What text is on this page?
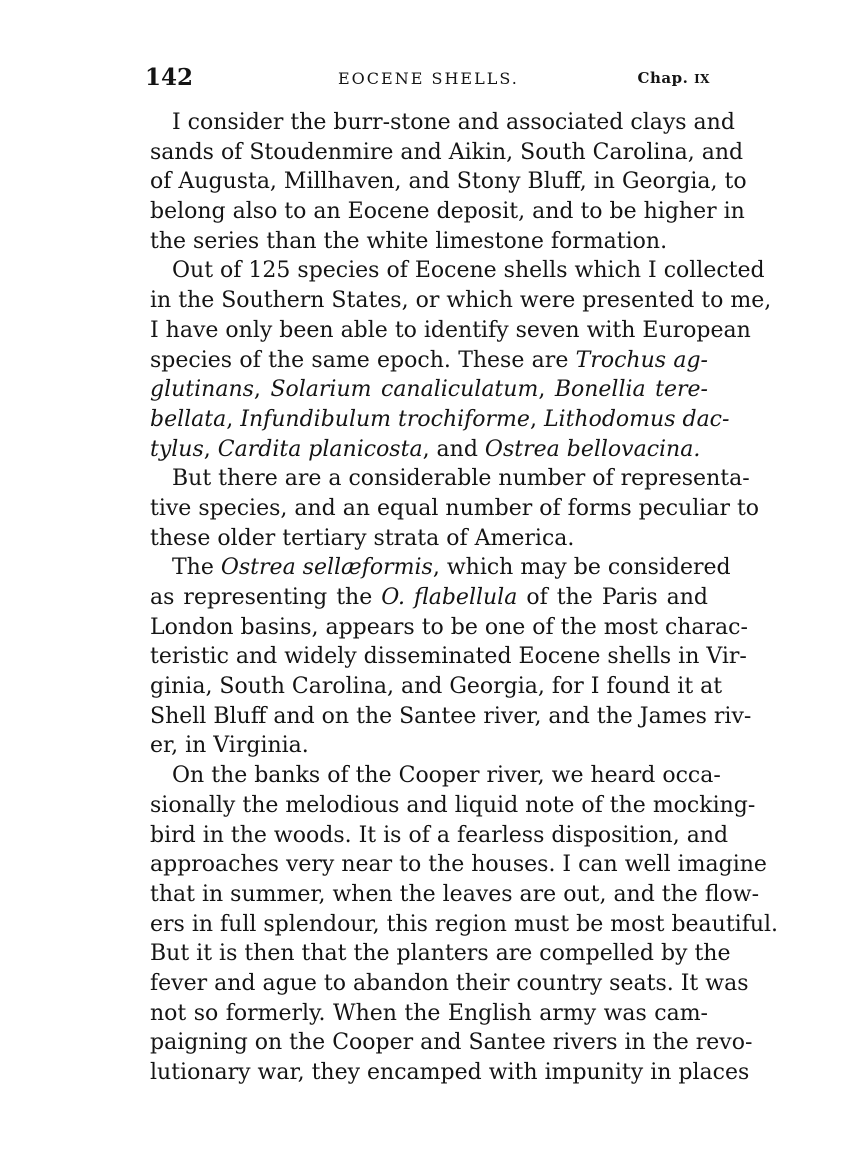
142	EOCENE SHELLS.	Chap. IX
I consider the burr-stone and associated clays and
sands of Stoudenmire and Aikin, South Carolina, and
of Augusta, Millhaven, and Stony Bluff, in Georgia, to
belong also to an Eocene deposit, and to be higher in
the series than the white limestone formation.
Out of 125 species of Eocene shells which I collected
in the Southern States, or which were presented to me,
I have only been able to identify seven with European
species of the same epoch. These are Trochus ag-
glutinans, Solarium canaliculatum, Bonellia tere-
bellata, Infundibulum trochiforme, Lithodomus dac-
tylus, Cardita planicosta, and Ostrea bellovacina.
But there are a considerable number of representa-
tive species, and an equal number of forms peculiar to
these older tertiary strata of America.
The Ostrea sellæformis, which may be considered
as representing the O. flabellula of the Paris and
London basins, appears to be one of the most charac-
teristic and widely disseminated Eocene shells in Vir-
ginia, South Carolina, and Georgia, for I found it at
Shell Bluff and on the Santee river, and the James riv-
er, in Virginia.
On the banks of the Cooper river, we heard occa-
sionally the melodious and liquid note of the mocking-
bird in the woods. It is of a fearless disposition, and
approaches very near to the houses. I can well imagine
that in summer, when the leaves are out, and the flow-
ers in full splendour, this region must be most beautiful.
But it is then that the planters are compelled by the
fever and ague to abandon their country seats. It was
not so formerly. When the English army was cam-
paigning on the Cooper and Santee rivers in the revo-
lutionary war, they encamped with impunity in places
